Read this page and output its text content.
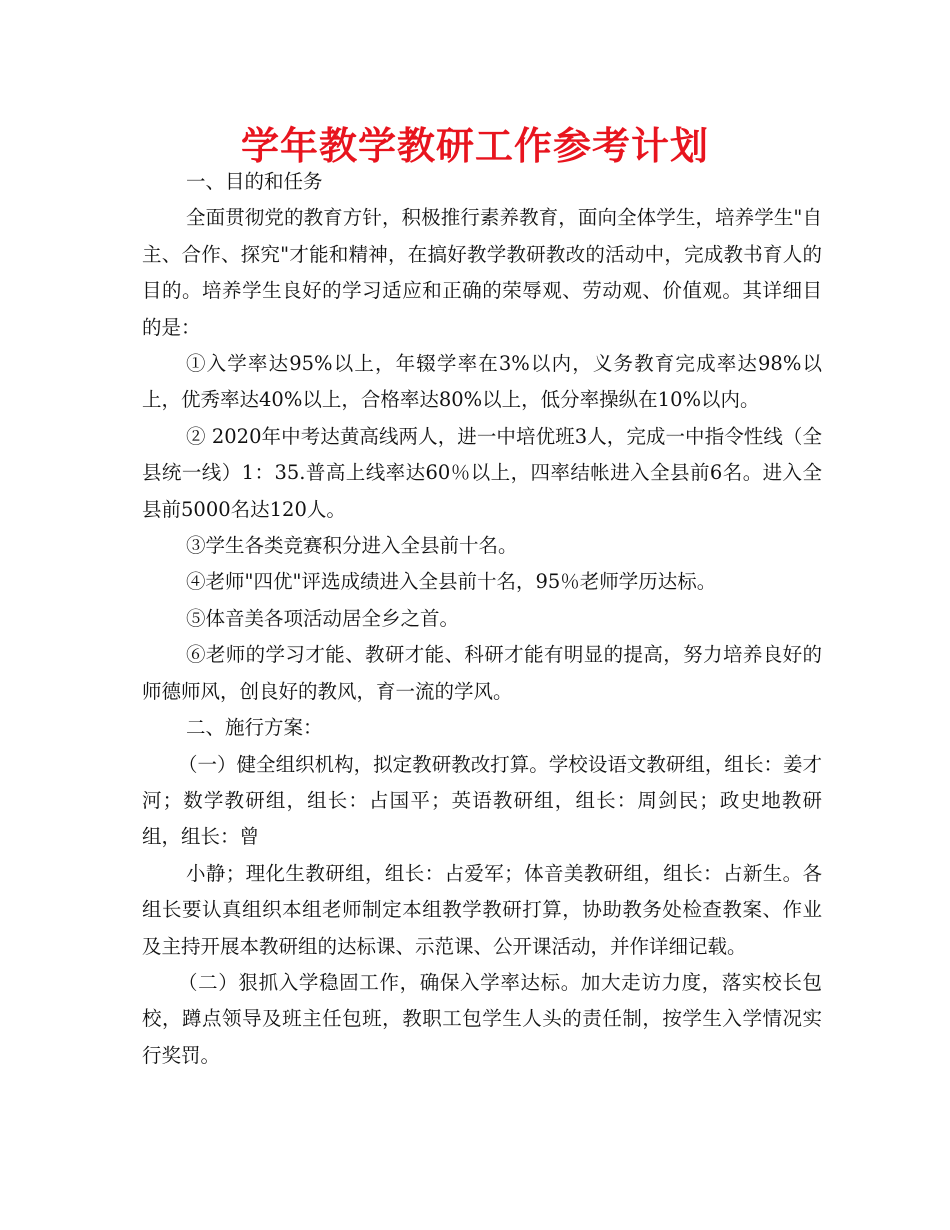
学年教学教研工作参考计划

一、目的和任务

全面贯彻党的教育方针，积极推行素养教育，面向全体学生，培养学生"自主、合作、探究"才能和精神，在搞好教学教研教改的活动中，完成教书育人的目的。培养学生良好的学习适应和正确的荣辱观、劳动观、价值观。其详细目的是：

①入学率达95%以上，年辍学率在3%以内，义务教育完成率达98%以上，优秀率达40%以上，合格率达80%以上，低分率操纵在10%以内。

② 2020年中考达黄高线两人，进一中培优班3人，完成一中指令性线（全县统一线）1：35.普高上线率达60％以上，四率结帐进入全县前6名。进入全县前5000名达120人。

③学生各类竞赛积分进入全县前十名。

④老师"四优"评选成绩进入全县前十名，95％老师学历达标。

⑤体音美各项活动居全乡之首。

⑥老师的学习才能、教研才能、科研才能有明显的提高，努力培养良好的师德师风，创良好的教风，育一流的学风。

二、施行方案：

（一）健全组织机构，拟定教研教改打算。学校设语文教研组，组长：姜才河；数学教研组，组长：占国平；英语教研组，组长：周剑民；政史地教研组，组长：曾

小静；理化生教研组，组长：占爱军；体音美教研组，组长：占新生。各组长要认真组织本组老师制定本组教学教研打算，协助教务处检查教案、作业及主持开展本教研组的达标课、示范课、公开课活动，并作详细记载。

（二）狠抓入学稳固工作，确保入学率达标。加大走访力度，落实校长包校，蹲点领导及班主任包班，教职工包学生人头的责任制，按学生入学情况实行奖罚。
